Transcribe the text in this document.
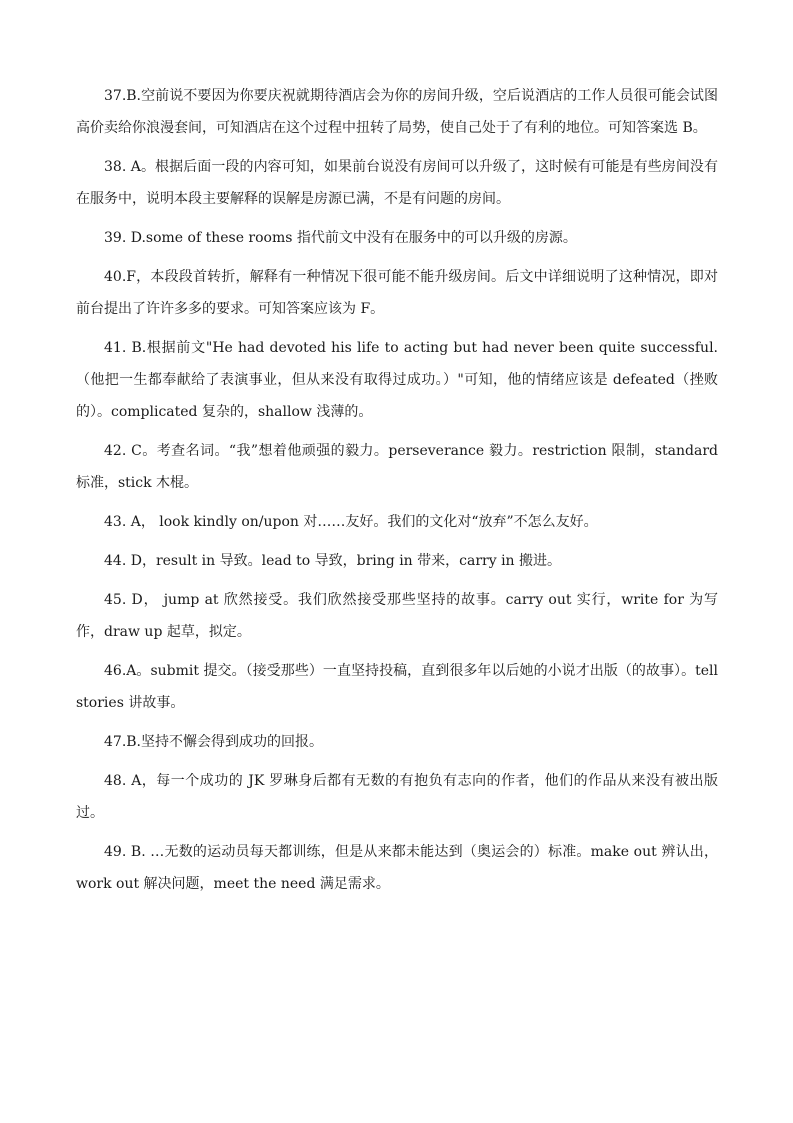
37.B.空前说不要因为你要庆祝就期待酒店会为你的房间升级，空后说酒店的工作人员很可能会试图高价卖给你浪漫套间，可知酒店在这个过程中扭转了局势，使自己处于了有利的地位。可知答案选 B。

38. A。根据后面一段的内容可知，如果前台说没有房间可以升级了，这时候有可能是有些房间没有在服务中，说明本段主要解释的误解是房源已满，不是有问题的房间。

39. D.some of these rooms 指代前文中没有在服务中的可以升级的房源。

40.F，本段段首转折，解释有一种情况下很可能不能升级房间。后文中详细说明了这种情况，即对前台提出了许许多多的要求。可知答案应该为 F。

41. B.根据前文"He had devoted his life to acting but had never been quite successful. （他把一生都奉献给了表演事业，但从来没有取得过成功。）"可知，他的情绪应该是 defeated（挫败的）。complicated 复杂的，shallow 浅薄的。

42. C。考查名词。“我”想着他顽强的毅力。perseverance 毅力。restriction 限制，standard 标准，stick 木棍。

43. A， look kindly on/upon 对……友好。我们的文化对“放弃”不怎么友好。

44. D，result in 导致。lead to 导致，bring in 带来，carry in 搬进。

45. D， jump at 欣然接受。我们欣然接受那些坚持的故事。carry out 实行，write for 为写作，draw up 起草，拟定。

46.A。submit 提交。（接受那些）一直坚持投稿，直到很多年以后她的小说才出版（的故事）。tell stories 讲故事。

47.B.坚持不懈会得到成功的回报。

48. A，每一个成功的 JK 罗琳身后都有无数的有抱负有志向的作者，他们的作品从来没有被出版过。

49. B. …无数的运动员每天都训练，但是从来都未能达到（奥运会的）标准。make out 辨认出，work out 解决问题，meet the need 满足需求。
